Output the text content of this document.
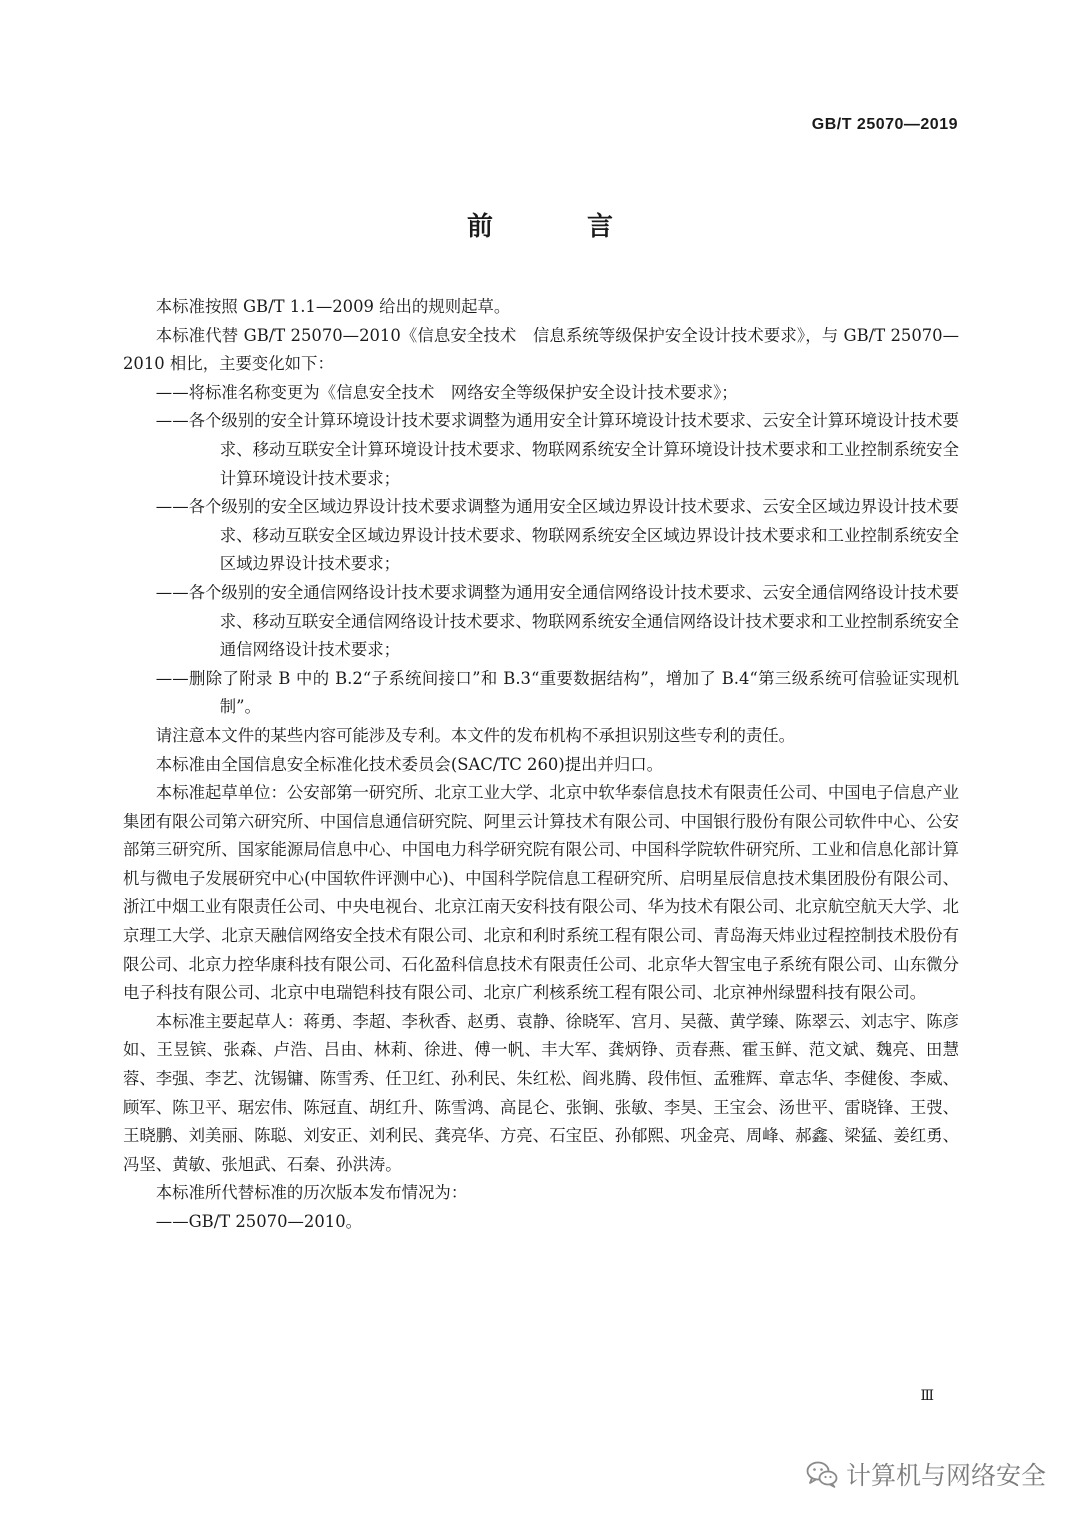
GB/T 25070—2019
前　言

本标准按照 GB/T 1.1—2009 给出的规则起草。

本标准代替 GB/T 25070—2010《信息安全技术　信息系统等级保护安全设计技术要求》，与 GB/T 25070—2010 相比，主要变化如下：

——将标准名称变更为《信息安全技术　网络安全等级保护安全设计技术要求》；

——各个级别的安全计算环境设计技术要求调整为通用安全计算环境设计技术要求、云安全计算环境设计技术要求、移动互联安全计算环境设计技术要求、物联网系统安全计算环境设计技术要求和工业控制系统安全计算环境设计技术要求；

——各个级别的安全区域边界设计技术要求调整为通用安全区域边界设计技术要求、云安全区域边界设计技术要求、移动互联安全区域边界设计技术要求、物联网系统安全区域边界设计技术要求和工业控制系统安全区域边界设计技术要求；

——各个级别的安全通信网络设计技术要求调整为通用安全通信网络设计技术要求、云安全通信网络设计技术要求、移动互联安全通信网络设计技术要求、物联网系统安全通信网络设计技术要求和工业控制系统安全通信网络设计技术要求；

——删除了附录 B 中的 B.2“子系统间接口”和 B.3“重要数据结构”，增加了 B.4“第三级系统可信验证实现机制”。

请注意本文件的某些内容可能涉及专利。本文件的发布机构不承担识别这些专利的责任。

本标准由全国信息安全标准化技术委员会(SAC/TC 260)提出并归口。

本标准起草单位：公安部第一研究所、北京工业大学、北京中软华泰信息技术有限责任公司、中国电子信息产业集团有限公司第六研究所、中国信息通信研究院、阿里云计算技术有限公司、中国银行股份有限公司软件中心、公安部第三研究所、国家能源局信息中心、中国电力科学研究院有限公司、中国科学院软件研究所、工业和信息化部计算机与微电子发展研究中心(中国软件评测中心)、中国科学院信息工程研究所、启明星辰信息技术集团股份有限公司、浙江中烟工业有限责任公司、中央电视台、北京江南天安科技有限公司、华为技术有限公司、北京航空航天大学、北京理工大学、北京天融信网络安全技术有限公司、北京和利时系统工程有限公司、青岛海天炜业过程控制技术股份有限公司、北京力控华康科技有限公司、石化盈科信息技术有限责任公司、北京华大智宝电子系统有限公司、山东微分电子科技有限公司、北京中电瑞铠科技有限公司、北京广利核系统工程有限公司、北京神州绿盟科技有限公司。

本标准主要起草人：蒋勇、李超、李秋香、赵勇、袁静、徐晓军、宫月、吴薇、黄学臻、陈翠云、刘志宇、陈彦如、王昱镔、张森、卢浩、吕由、林莉、徐进、傅一帆、丰大军、龚炳铮、贡春燕、霍玉鲜、范文斌、魏亮、田慧蓉、李强、李艺、沈锡镛、陈雪秀、任卫红、孙利民、朱红松、阎兆腾、段伟恒、孟雅辉、章志华、李健俊、李威、顾军、陈卫平、琚宏伟、陈冠直、胡红升、陈雪鸿、高昆仑、张锏、张敏、李昊、王宝会、汤世平、雷晓锋、王弢、王晓鹏、刘美丽、陈聪、刘安正、刘利民、龚亮华、方亮、石宝臣、孙郁熙、巩金亮、周峰、郝鑫、梁猛、姜红勇、冯坚、黄敏、张旭武、石秦、孙洪涛。

本标准所代替标准的历次版本发布情况为：

——GB/T 25070—2010。

Ⅲ
计算机与网络安全
